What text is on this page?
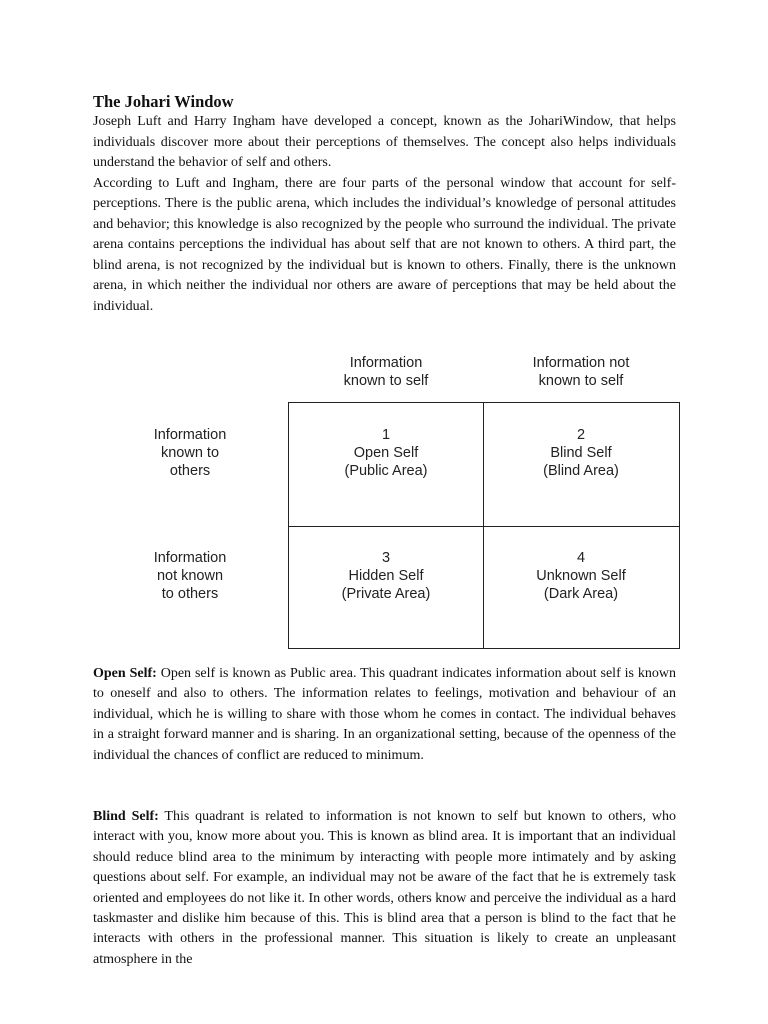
The Johari Window

Joseph Luft and Harry Ingham have developed a concept, known as the JohariWindow, that helps individuals discover more about their perceptions of themselves. The concept also helps individuals understand the behavior of self and others.

According to Luft and Ingham, there are four parts of the personal window that account for self-perceptions. There is the public arena, which includes the individual’s knowledge of personal attitudes and behavior; this knowledge is also recognized by the people who surround the individual. The private arena contains perceptions the individual has about self that are not known to others. A third part, the blind arena, is not recognized by the individual but is known to others. Finally, there is the unknown arena, in which neither the individual nor others are aware of perceptions that may be held about the individual.

Information
known to self
Information not
known to self
Information
known to
others
Information
not known
to others
1
Open Self
(Public Area)
2
Blind Self
(Blind Area)
3
Hidden Self
(Private Area)
4
Unknown Self
(Dark Area)

Open Self: Open self is known as Public area. This quadrant indicates information about self is known to oneself and also to others. The information relates to feelings, motivation and behaviour of an individual, which he is willing to share with those whom he comes in contact. The individual behaves in a straight forward manner and is sharing. In an organizational setting, because of the openness of the individual the chances of conflict are reduced to minimum.

Blind Self: This quadrant is related to information is not known to self but known to others, who interact with you, know more about you. This is known as blind area. It is important that an individual should reduce blind area to the minimum by interacting with people more intimately and by asking questions about self. For example, an individual may not be aware of the fact that he is extremely task oriented and employees do not like it. In other words, others know and perceive the individual as a hard taskmaster and dislike him because of this. This is blind area that a person is blind to the fact that he interacts with others in the professional manner. This situation is likely to create an unpleasant atmosphere in the
